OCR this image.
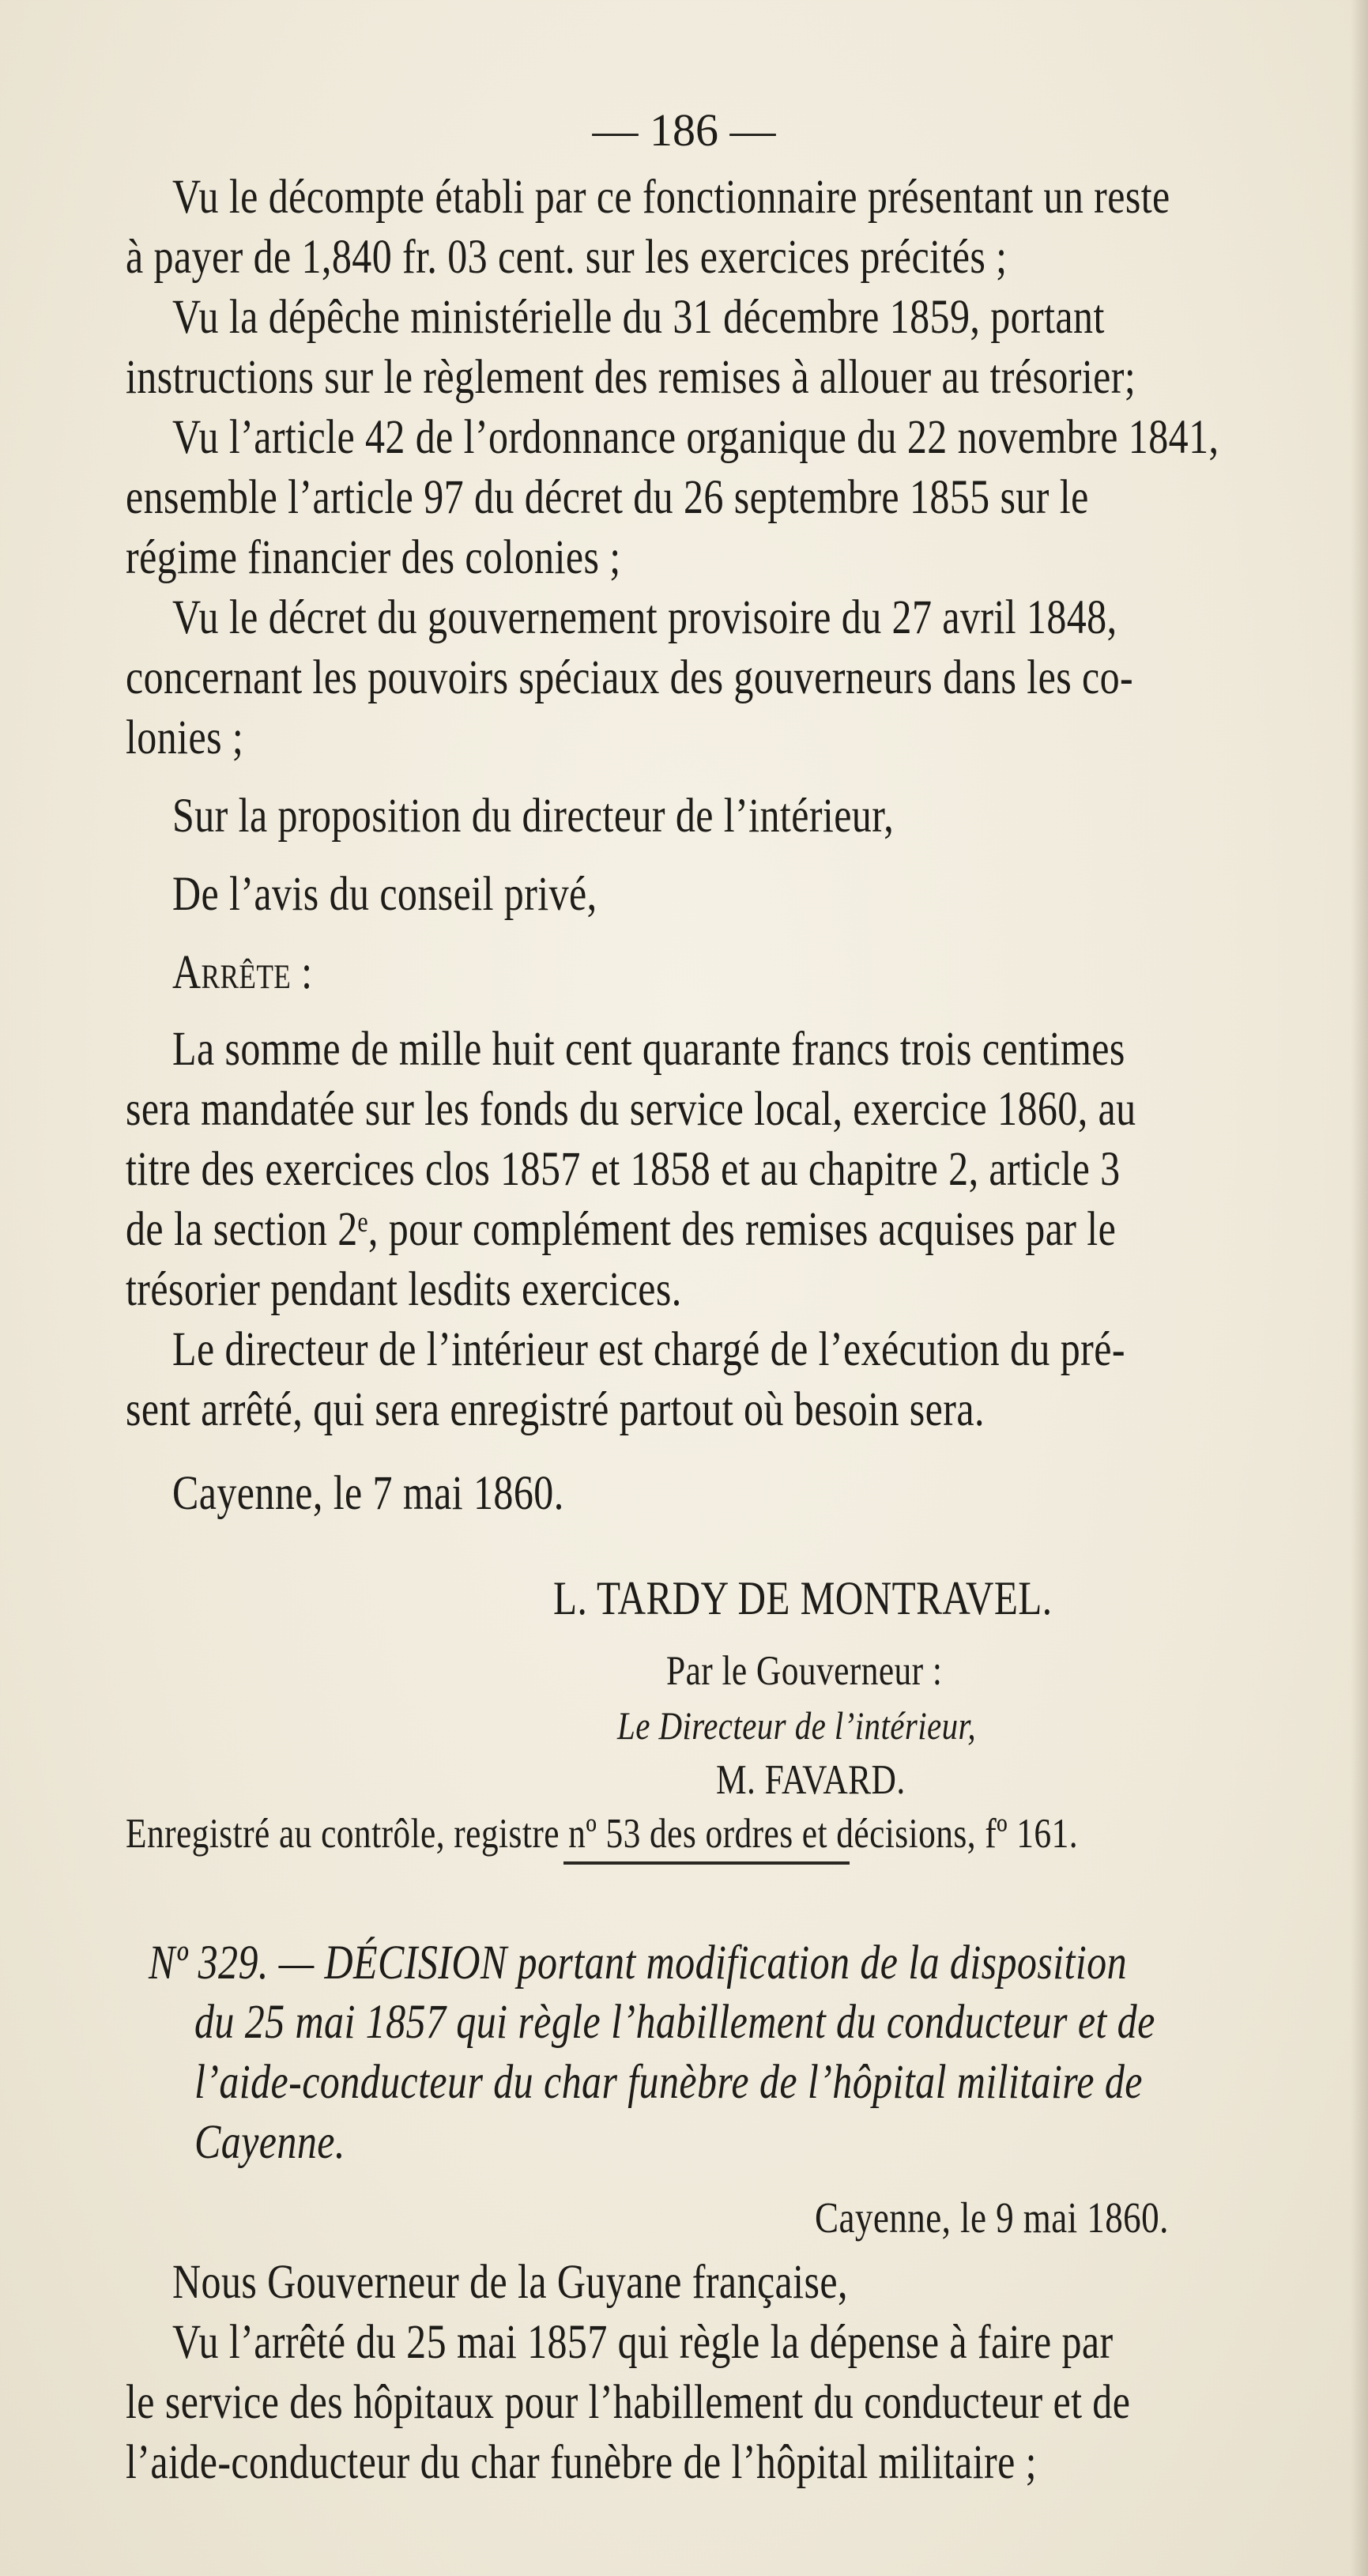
— 186 —
Vu le décompte établi par ce fonctionnaire présentant un reste
à payer de 1,840 fr. 03 cent. sur les exercices précités ;
Vu la dépêche ministérielle du 31 décembre 1859, portant
instructions sur le règlement des remises à allouer au trésorier;
Vu l’article 42 de l’ordonnance organique du 22 novembre 1841,
ensemble l’article 97 du décret du 26 septembre 1855 sur le
régime financier des colonies ;
Vu le décret du gouvernement provisoire du 27 avril 1848,
concernant les pouvoirs spéciaux des gouverneurs dans les co-
lonies ;
Sur la proposition du directeur de l’intérieur,
De l’avis du conseil privé,
Arrête :
La somme de mille huit cent quarante francs trois centimes
sera mandatée sur les fonds du service local, exercice 1860, au
titre des exercices clos 1857 et 1858 et au chapitre 2, article 3
de la section 2ᵉ, pour complément des remises acquises par le
trésorier pendant lesdits exercices.
Le directeur de l’intérieur est chargé de l’exécution du pré-
sent arrêté, qui sera enregistré partout où besoin sera.
Cayenne, le 7 mai 1860.
L. TARDY DE MONTRAVEL.
Par le Gouverneur :
Le Directeur de l’intérieur,
M. FAVARD.
Enregistré au contrôle, registre nº 53 des ordres et décisions, fº 161.
Nº 329. — DÉCISION portant modification de la disposition
du 25 mai 1857 qui règle l’habillement du conducteur et de
l’aide-conducteur du char funèbre de l’hôpital militaire de
Cayenne.
Cayenne, le 9 mai 1860.
Nous Gouverneur de la Guyane française,
Vu l’arrêté du 25 mai 1857 qui règle la dépense à faire par
le service des hôpitaux pour l’habillement du conducteur et de
l’aide-conducteur du char funèbre de l’hôpital militaire ;
